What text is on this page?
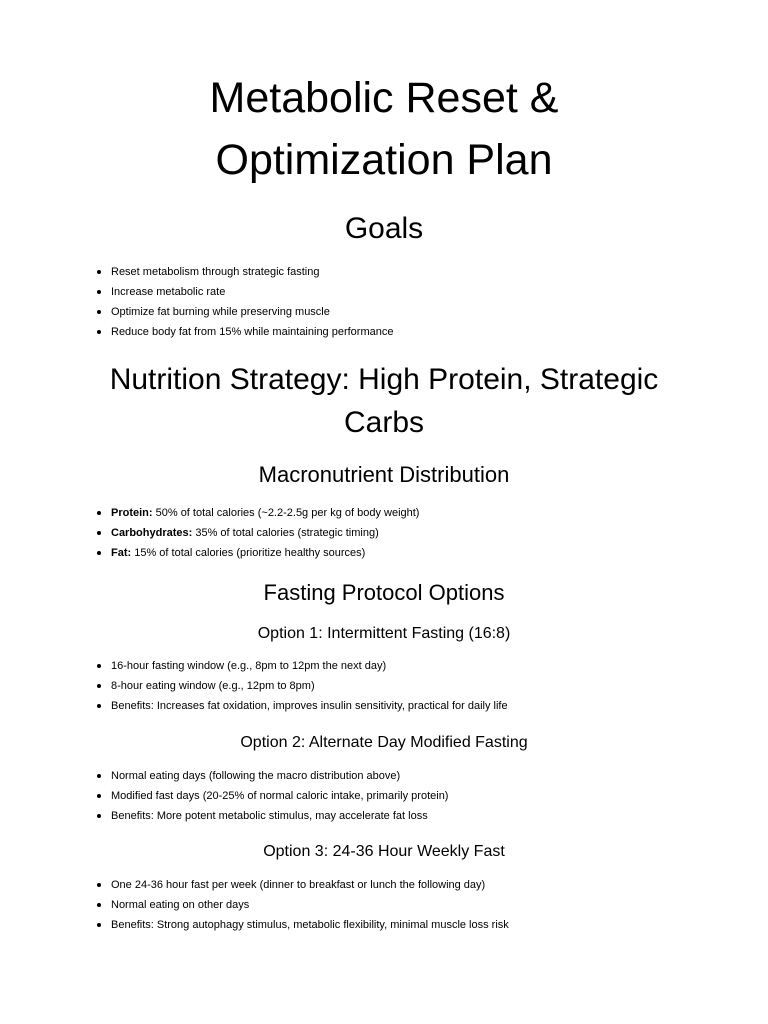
Metabolic Reset &
Optimization Plan
Goals
Reset metabolism through strategic fasting
Increase metabolic rate
Optimize fat burning while preserving muscle
Reduce body fat from 15% while maintaining performance
Nutrition Strategy: High Protein, Strategic
Carbs
Macronutrient Distribution
Protein: 50% of total calories (~2.2-2.5g per kg of body weight)
Carbohydrates: 35% of total calories (strategic timing)
Fat: 15% of total calories (prioritize healthy sources)
Fasting Protocol Options
Option 1: Intermittent Fasting (16:8)
16-hour fasting window (e.g., 8pm to 12pm the next day)
8-hour eating window (e.g., 12pm to 8pm)
Benefits: Increases fat oxidation, improves insulin sensitivity, practical for daily life
Option 2: Alternate Day Modified Fasting
Normal eating days (following the macro distribution above)
Modified fast days (20-25% of normal caloric intake, primarily protein)
Benefits: More potent metabolic stimulus, may accelerate fat loss
Option 3: 24-36 Hour Weekly Fast
One 24-36 hour fast per week (dinner to breakfast or lunch the following day)
Normal eating on other days
Benefits: Strong autophagy stimulus, metabolic flexibility, minimal muscle loss risk
